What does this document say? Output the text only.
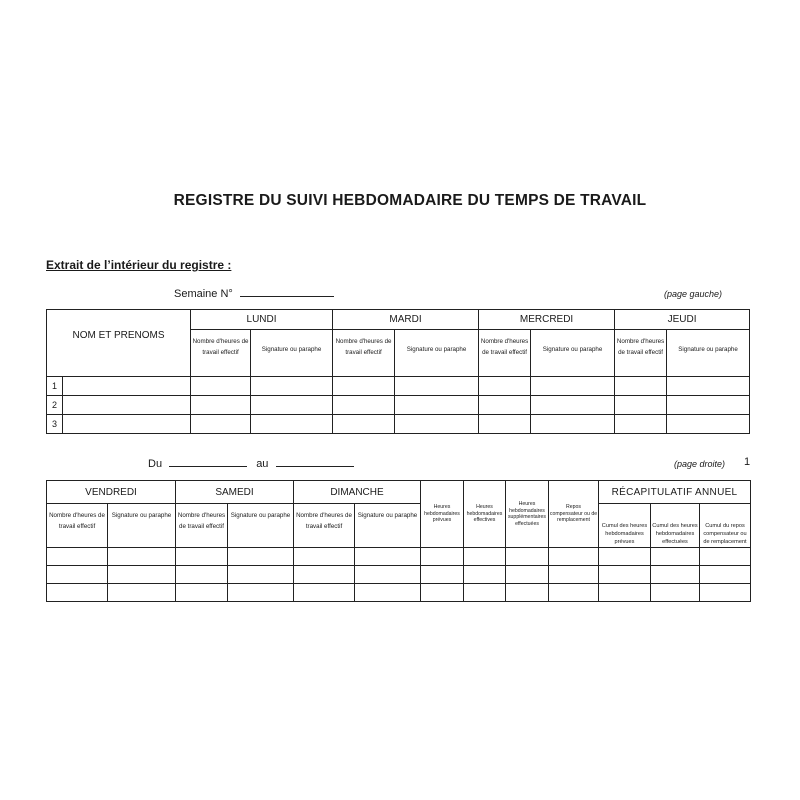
REGISTRE DU SUIVI HEBDOMADAIRE DU TEMPS DE TRAVAIL
Extrait de l’intérieur du registre :
Semaine N°	(page gauche)
NOM ET PRENOMS		LUNDI		MARDI		MERCREDI		JEUDI	
		Nombre d'heures de travail effectif	Signature ou paraphe	Nombre d'heures de travail effectif	Signature ou paraphe	Nombre d'heures de travail effectif	Signature ou paraphe	Nombre d'heures de travail effectif	Signature ou paraphe
1									
2									
3									
Du	au	(page droite) 1
VENDREDI		SAMEDI		DIMANCHE		Heures hebdomadaires prévues	Heures hebdomadaires effectives	Heures hebdomadaires supplémentaires effectuées	Repos compensateur ou de remplacement	RÉCAPITULATIF ANNUEL		
Nombre d'heures de travail effectif	Signature ou paraphe	Nombre d'heures de travail effectif	Signature ou paraphe	Nombre d'heures de travail effectif	Signature ou paraphe					Cumul des heures hebdomadaires prévues	Cumul des heures hebdomadaires effectuées	Cumul du repos compensateur ou de remplacement
